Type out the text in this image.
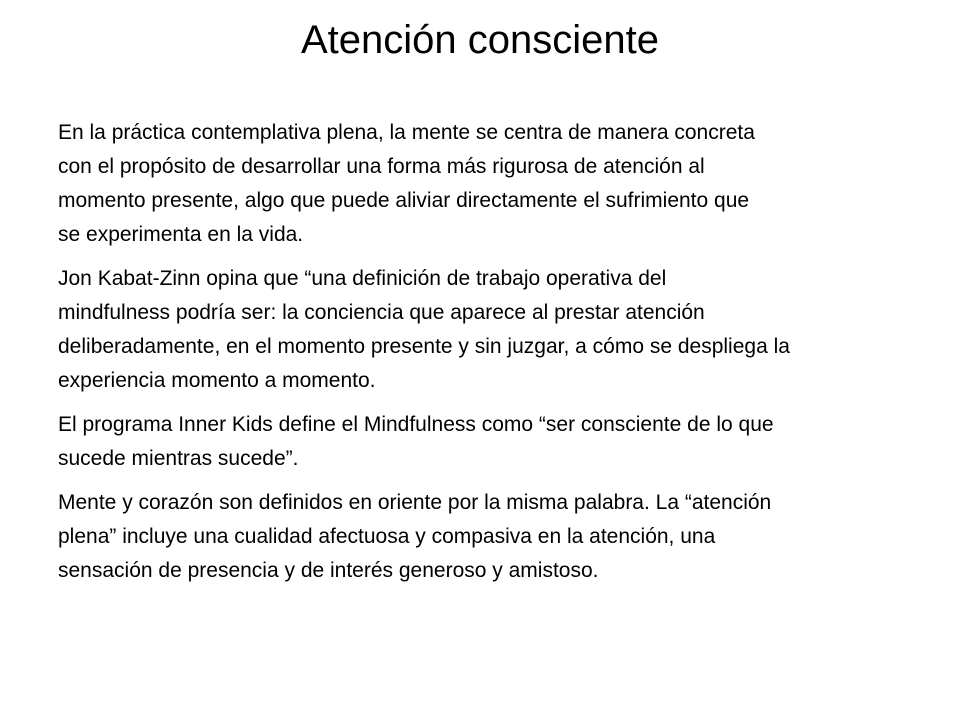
Atención consciente

En la práctica contemplativa plena, la mente se centra de manera concreta
con el propósito de desarrollar una forma más rigurosa de atención al
momento presente, algo que puede aliviar directamente el sufrimiento que
se experimenta en la vida.

Jon Kabat-Zinn opina que “una definición de trabajo operativa del
mindfulness podría ser: la conciencia que aparece al prestar atención
deliberadamente, en el momento presente y sin juzgar, a cómo se despliega la
experiencia momento a momento.

El programa Inner Kids define el Mindfulness como “ser consciente de lo que
sucede mientras sucede”.

Mente y corazón son definidos en oriente por la misma palabra. La “atención
plena” incluye una cualidad afectuosa y compasiva en la atención, una
sensación de presencia y de interés generoso y amistoso.
